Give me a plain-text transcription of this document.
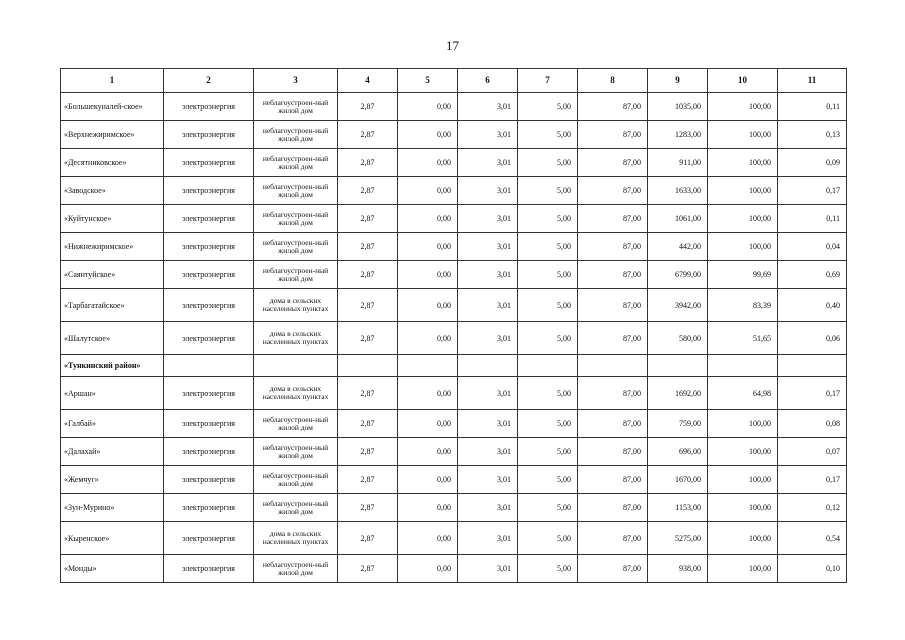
17
1	2	3	4	5	6	7	8	9	10	11
«Большекуналей-ское»	электроэнергия	неблагоустроен-ный жилой дом	2,87	0,00	3,01	5,00	87,00	1035,00	100,00	0,11
«Верхнежиримское»	электроэнергия	неблагоустроен-ный жилой дом	2,87	0,00	3,01	5,00	87,00	1283,00	100,00	0,13
«Десятниковское»	электроэнергия	неблагоустроен-ный жилой дом	2,87	0,00	3,01	5,00	87,00	911,00	100,00	0,09
«Заводское»	электроэнергия	неблагоустроен-ный жилой дом	2,87	0,00	3,01	5,00	87,00	1633,00	100,00	0,17
«Куйтунское»	электроэнергия	неблагоустроен-ный жилой дом	2,87	0,00	3,01	5,00	87,00	1061,00	100,00	0,11
«Нижнежиримское»	электроэнергия	неблагоустроен-ный жилой дом	2,87	0,00	3,01	5,00	87,00	442,00	100,00	0,04
«Саянтуйское»	электроэнергия	неблагоустроен-ный жилой дом	2,87	0,00	3,01	5,00	87,00	6799,00	99,69	0,69
«Тарбагатайское»	электроэнергия	дома в сельских населенных пунктах	2,87	0,00	3,01	5,00	87,00	3942,00	83,39	0,40
«Шалутское»	электроэнергия	дома в сельских населенных пунктах	2,87	0,00	3,01	5,00	87,00	580,00	51,65	0,06
«Тункинский район»										
«Аршан»	электроэнергия	дома в сельских населенных пунктах	2,87	0,00	3,01	5,00	87,00	1692,00	64,98	0,17
«Галбай»	электроэнергия	неблагоустроен-ный жилой дом	2,87	0,00	3,01	5,00	87,00	759,00	100,00	0,08
«Далахай»	электроэнергия	неблагоустроен-ный жилой дом	2,87	0,00	3,01	5,00	87,00	696,00	100,00	0,07
«Жемчуг»	электроэнергия	неблагоустроен-ный жилой дом	2,87	0,00	3,01	5,00	87,00	1670,00	100,00	0,17
«Зун-Мурино»	электроэнергия	неблагоустроен-ный жилой дом	2,87	0,00	3,01	5,00	87,00	1153,00	100,00	0,12
«Кыренское»	электроэнергия	дома в сельских населенных пунктах	2,87	0,00	3,01	5,00	87,00	5275,00	100,00	0,54
«Монды»	электроэнергия	неблагоустроен-ный жилой дом	2,87	0,00	3,01	5,00	87,00	938,00	100,00	0,10
